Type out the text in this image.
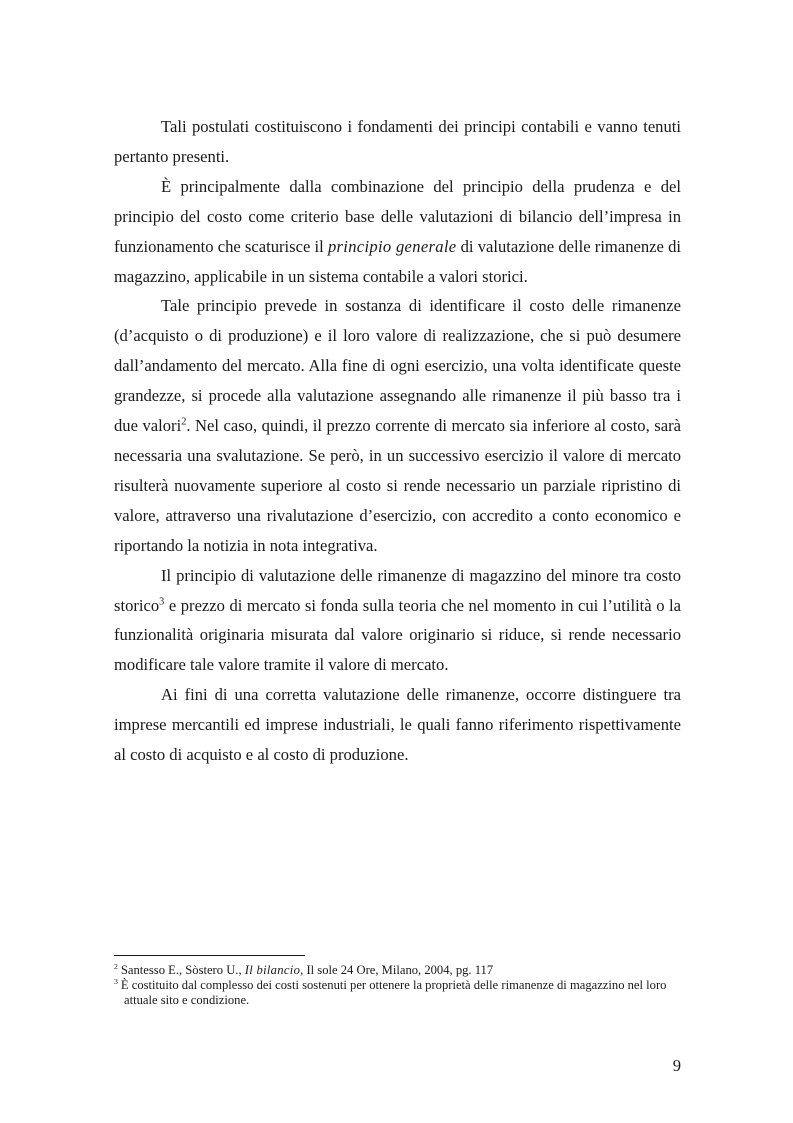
Tali postulati costituiscono i fondamenti dei principi contabili e vanno tenuti pertanto presenti.

È principalmente dalla combinazione del principio della prudenza e del principio del costo come criterio base delle valutazioni di bilancio dell’impresa in funzionamento che scaturisce il principio generale di valutazione delle rimanenze di magazzino, applicabile in un sistema contabile a valori storici.

Tale principio prevede in sostanza di identificare il costo delle rimanenze (d’acquisto o di produzione) e il loro valore di realizzazione, che si può desumere dall’andamento del mercato. Alla fine di ogni esercizio, una volta identificate queste grandezze, si procede alla valutazione assegnando alle rimanenze il più basso tra i due valori$^2$. Nel caso, quindi, il prezzo corrente di mercato sia inferiore al costo, sarà necessaria una svalutazione. Se però, in un successivo esercizio il valore di mercato risulterà nuovamente superiore al costo si rende necessario un parziale ripristino di valore, attraverso una rivalutazione d’esercizio, con accredito a conto economico e riportando la notizia in nota integrativa.

Il principio di valutazione delle rimanenze di magazzino del minore tra costo storico$^3$ e prezzo di mercato si fonda sulla teoria che nel momento in cui l’utilità o la funzionalità originaria misurata dal valore originario si riduce, si rende necessario modificare tale valore tramite il valore di mercato.

Ai fini di una corretta valutazione delle rimanenze, occorre distinguere tra imprese mercantili ed imprese industriali, le quali fanno riferimento rispettivamente al costo di acquisto e al costo di produzione.

$^2$ Santesso E., Sòstero U., Il bilancio, Il sole 24 Ore, Milano, 2004, pg. 117

$^3$ È costituito dal complesso dei costi sostenuti per ottenere la proprietà delle rimanenze di magazzino nel loro attuale sito e condizione.

9
